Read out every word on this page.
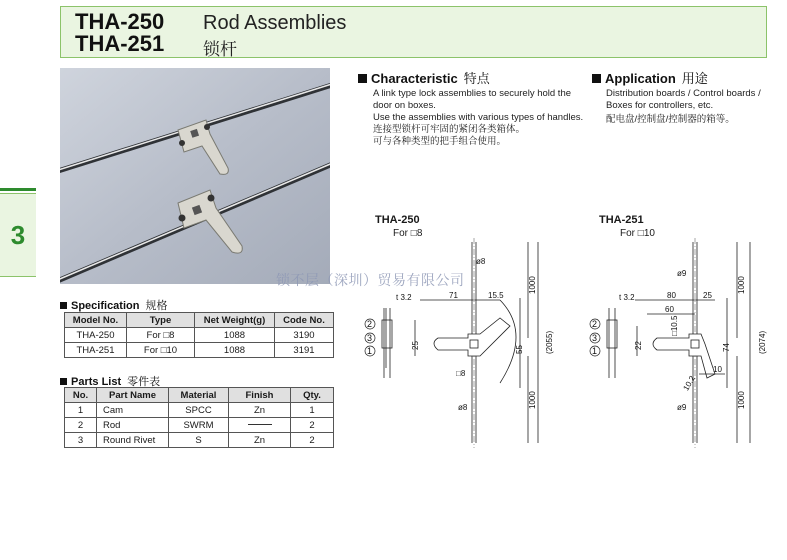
THA-250
THA-251
Rod Assemblies
锁杆
3
Characteristic 特点
A link type lock assemblies to securely hold the
door on boxes.
Use the assemblies with various types of handles.
连接型锁杆可牢固的紧闭各类箱体。
可与各种类型的把手组合使用。
Application 用途
Distribution boards / Control boards /
Boxes for controllers, etc.
配电盘/控制盘/控制器的箱等。
Specification 规格
Model No.	Type	Net Weight(g)	Code No.
THA-250	For □8	1088	3190
THA-251	For □10	1088	3191
Parts List 零件表
No.	Part Name	Material	Finish	Qty.
1	Cam	SPCC	Zn	1
2	Rod	SWRM		2
3	Round Rivet	S	Zn	2
THA-250
For □8
2
3
1
ø8
t 3.2	71	15.5
25	55
□8
1000
1000
(2055)
ø8
THA-251
For □10
2
3
1
ø9
t 3.2	80	25
60
22
□10.5
74
10
10.2
1000
1000
(2074)
ø9
锁不层（深圳）贸易有限公司
